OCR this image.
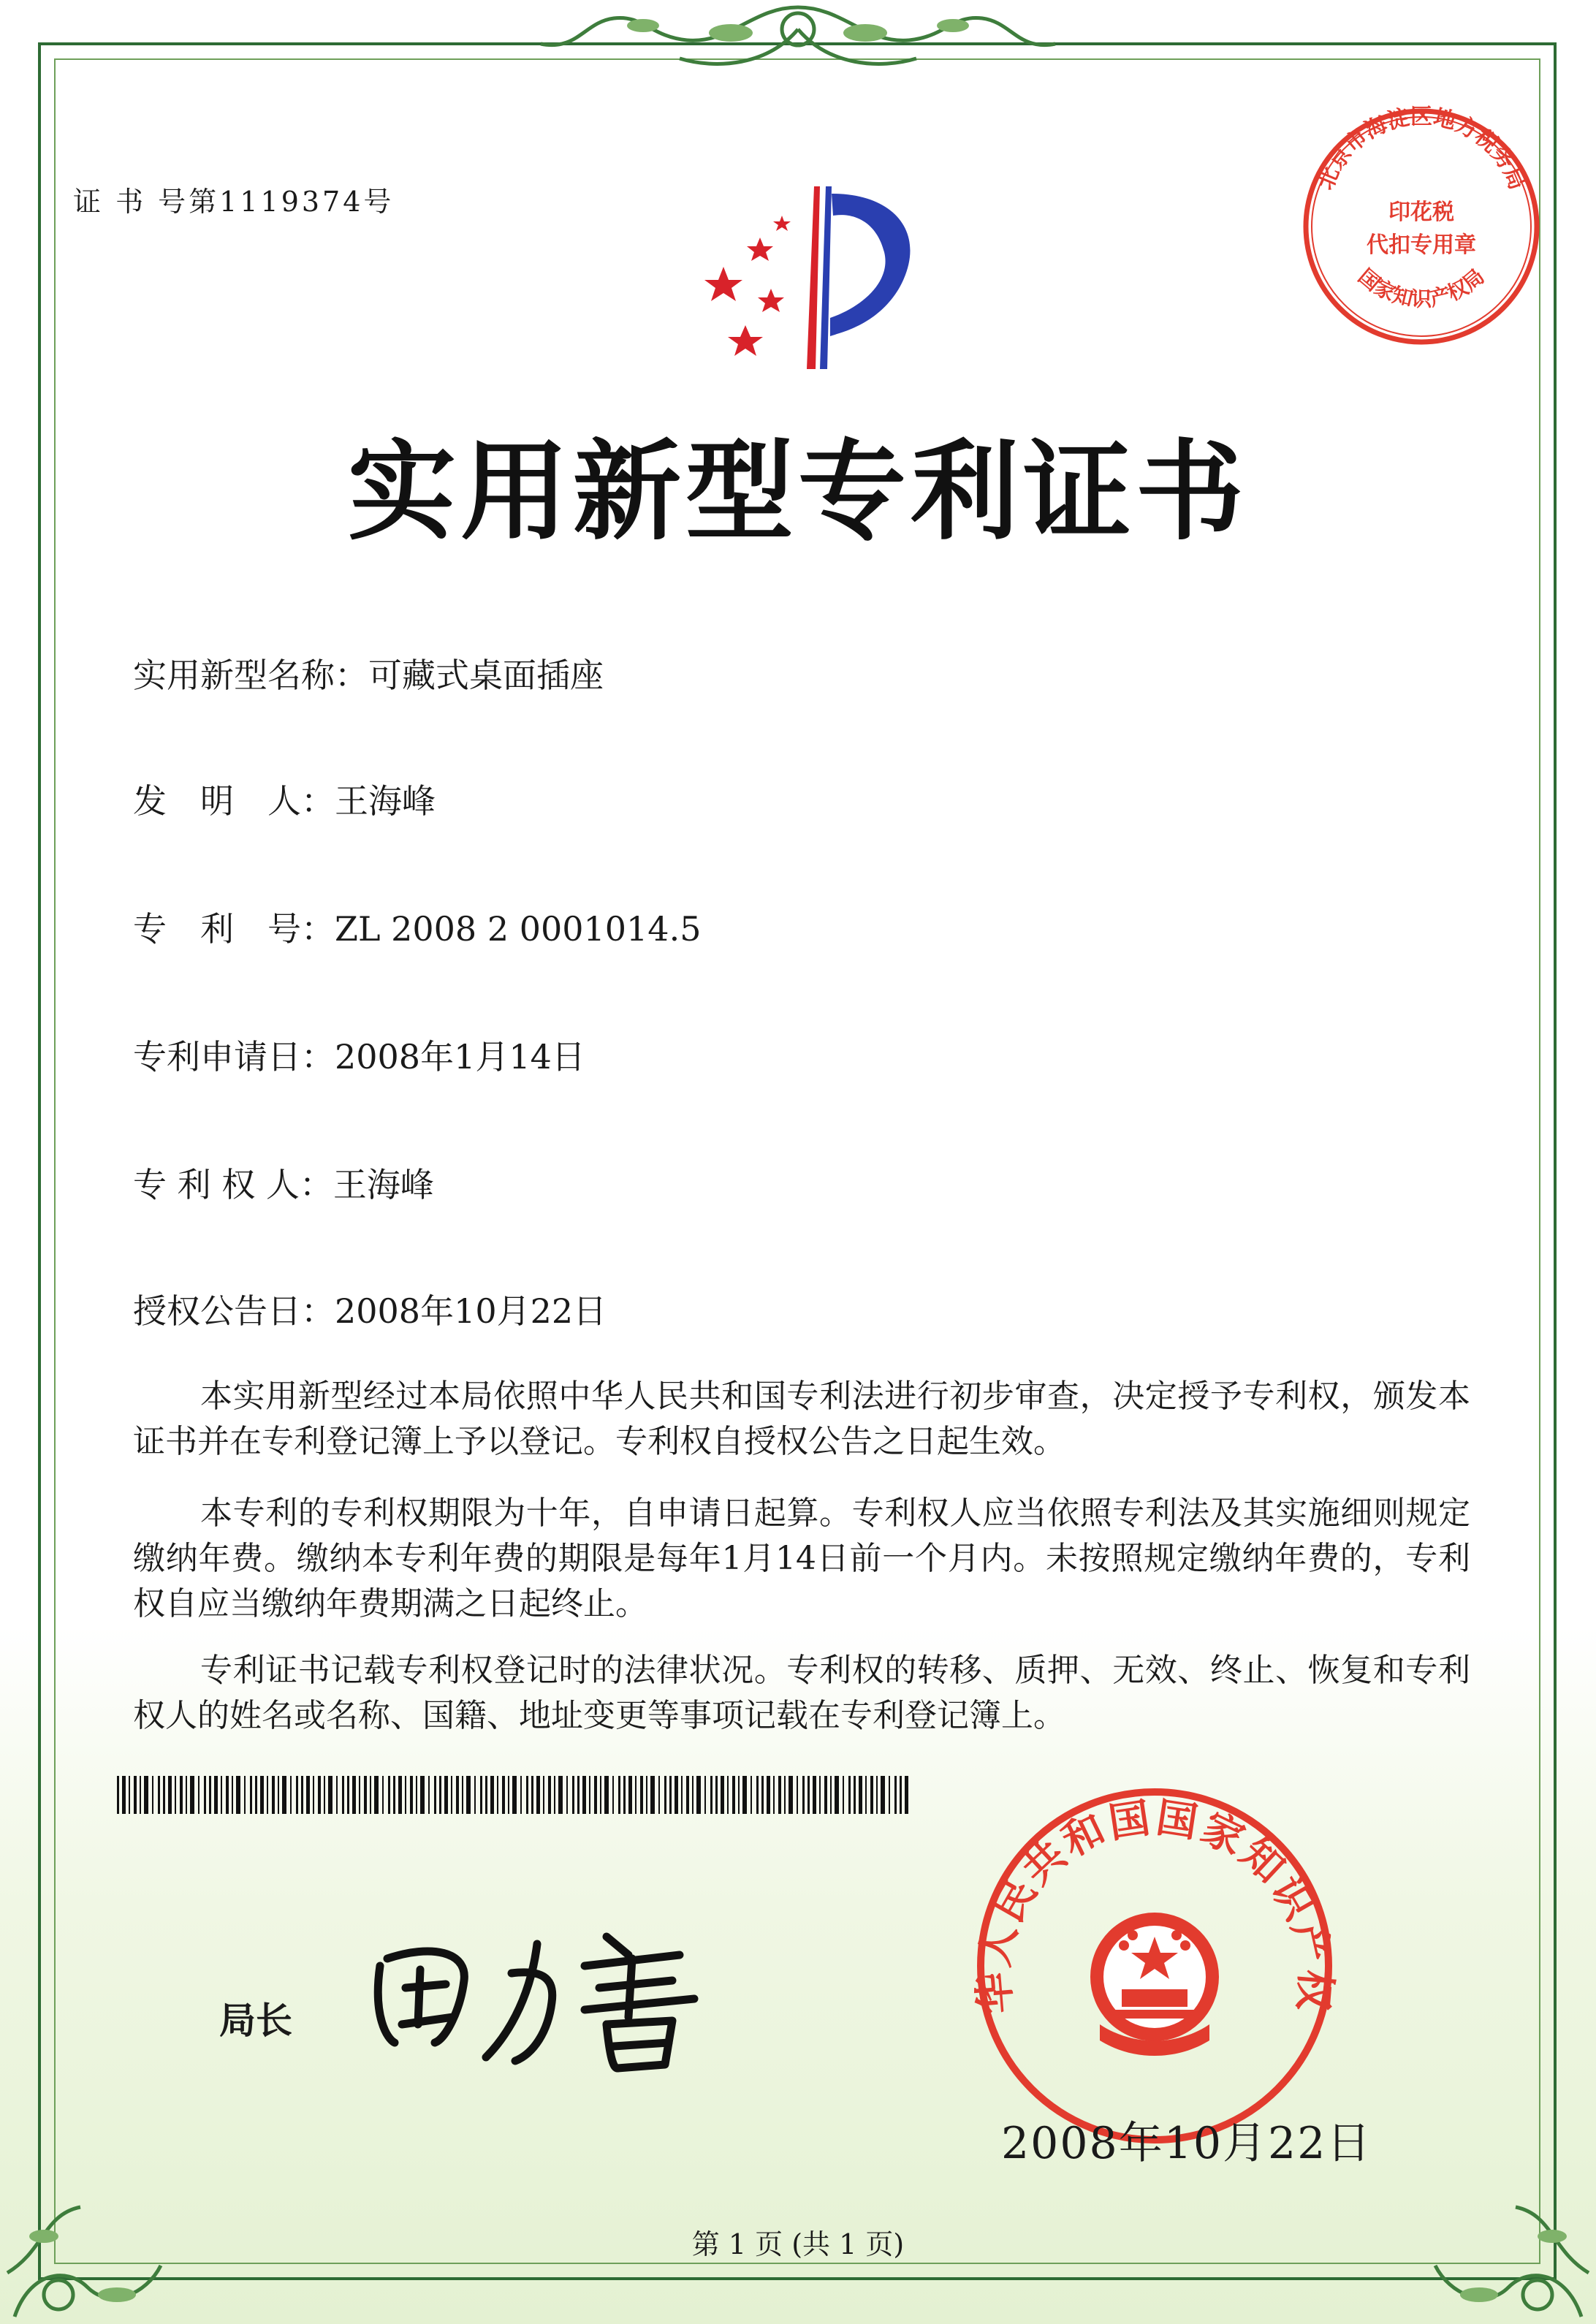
证 书 号第1119374号
北京市海淀区地方税务局
印花税
代扣专用章
国家知识产权局
实用新型专利证书
实用新型名称：可藏式桌面插座
发　明　人：王海峰
专　利　号：ZL 2008 2 0001014.5
专利申请日：2008年1月14日
专 利 权 人：王海峰
授权公告日：2008年10月22日
本实用新型经过本局依照中华人民共和国专利法进行初步审查，决定授予专利权，颁发本证书并在专利登记簿上予以登记。专利权自授权公告之日起生效。
本专利的专利权期限为十年，自申请日起算。专利权人应当依照专利法及其实施细则规定缴纳年费。缴纳本专利年费的期限是每年1月14日前一个月内。未按照规定缴纳年费的，专利权自应当缴纳年费期满之日起终止。
专利证书记载专利权登记时的法律状况。专利权的转移、质押、无效、终止、恢复和专利权人的姓名或名称、国籍、地址变更等事项记载在专利登记簿上。
局长
华人民共和国国家知识产权
2008年10月22日
第 1 页 (共 1 页)
